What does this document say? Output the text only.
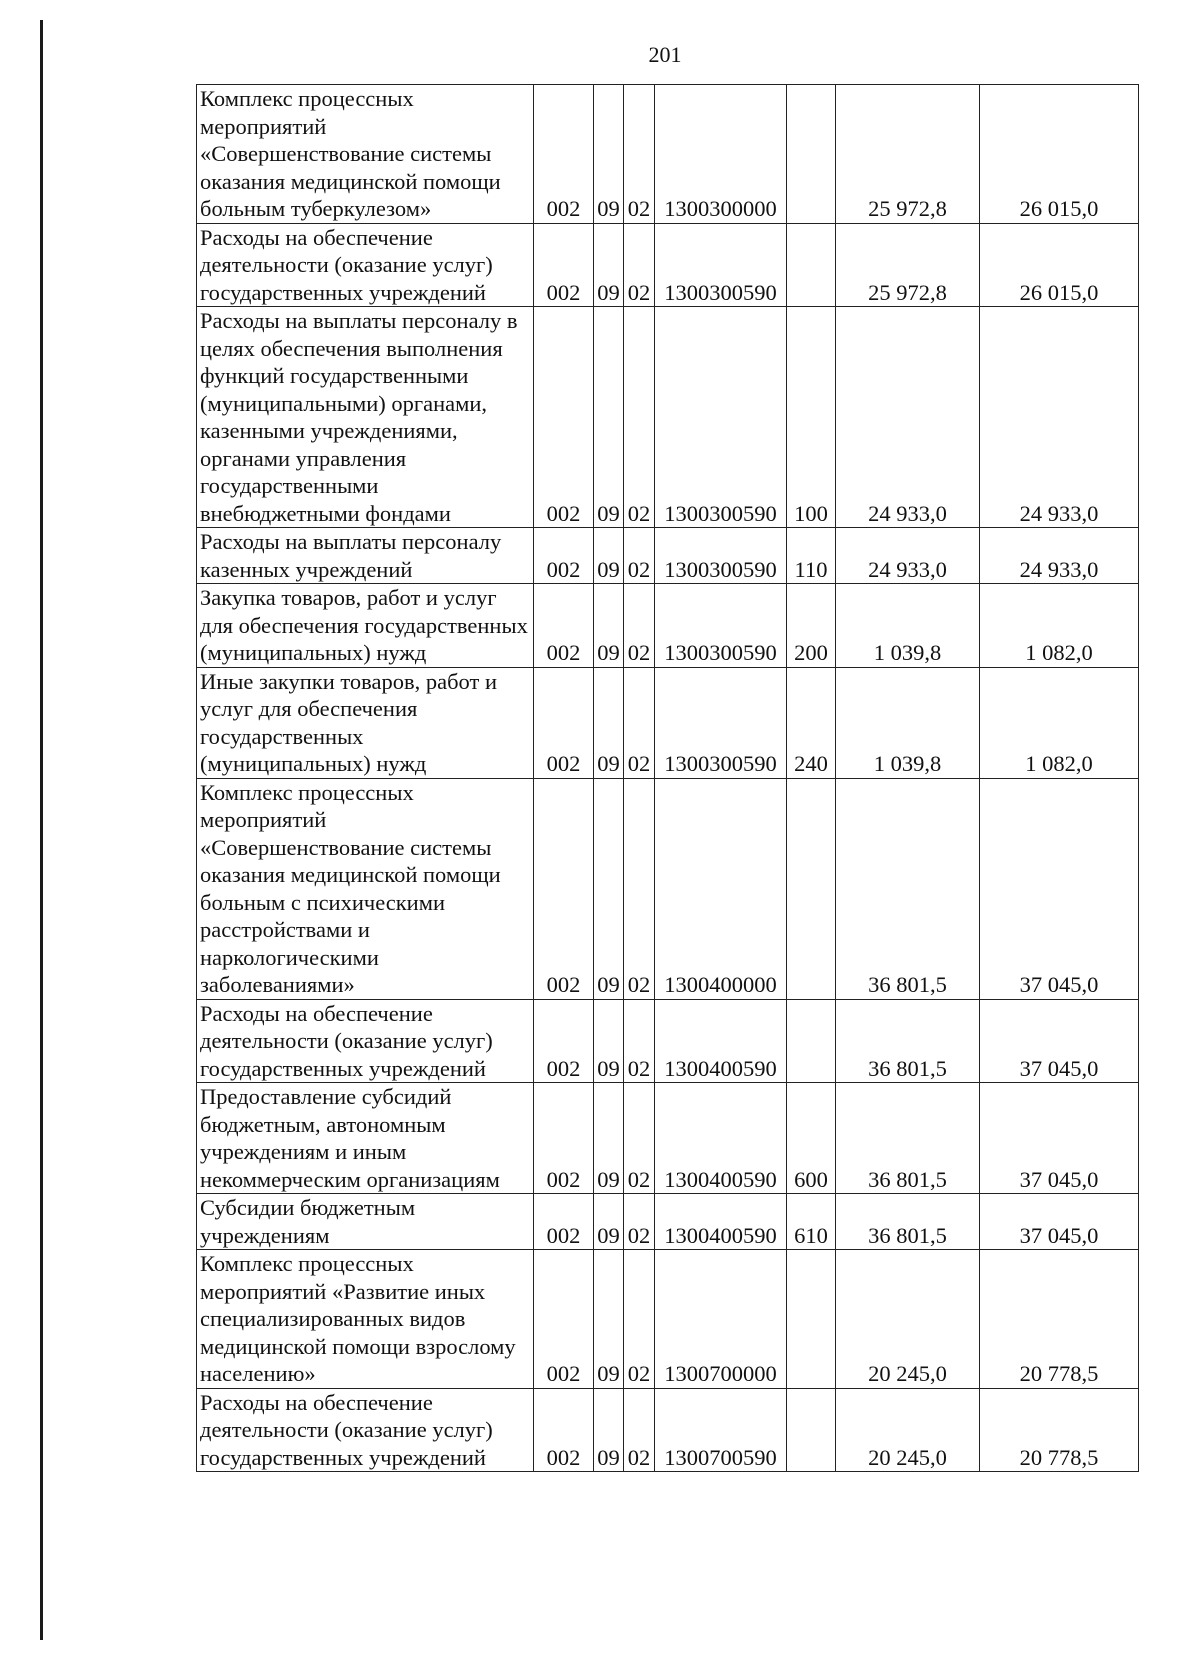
201
Комплекс процессных мероприятий «Совершенствование системы оказания медицинской помощи больным туберкулезом»	002	09	02	1300300000		25 972,8	26 015,0
Расходы на обеспечение деятельности (оказание услуг) государственных учреждений	002	09	02	1300300590		25 972,8	26 015,0
Расходы на выплаты персоналу в целях обеспечения выполнения функций государственными (муниципальными) органами, казенными учреждениями, органами управления государственными внебюджетными фондами	002	09	02	1300300590	100	24 933,0	24 933,0
Расходы на выплаты персоналу казенных учреждений	002	09	02	1300300590	110	24 933,0	24 933,0
Закупка товаров, работ и услуг для обеспечения государственных (муниципальных) нужд	002	09	02	1300300590	200	1 039,8	1 082,0
Иные закупки товаров, работ и услуг для обеспечения государственных (муниципальных) нужд	002	09	02	1300300590	240	1 039,8	1 082,0
Комплекс процессных мероприятий «Совершенствование системы оказания медицинской помощи больным с психическими расстройствами и наркологическими заболеваниями»	002	09	02	1300400000		36 801,5	37 045,0
Расходы на обеспечение деятельности (оказание услуг) государственных учреждений	002	09	02	1300400590		36 801,5	37 045,0
Предоставление субсидий бюджетным, автономным учреждениям и иным некоммерческим организациям	002	09	02	1300400590	600	36 801,5	37 045,0
Субсидии бюджетным учреждениям	002	09	02	1300400590	610	36 801,5	37 045,0
Комплекс процессных мероприятий «Развитие иных специализированных видов медицинской помощи взрослому населению»	002	09	02	1300700000		20 245,0	20 778,5
Расходы на обеспечение деятельности (оказание услуг) государственных учреждений	002	09	02	1300700590		20 245,0	20 778,5
